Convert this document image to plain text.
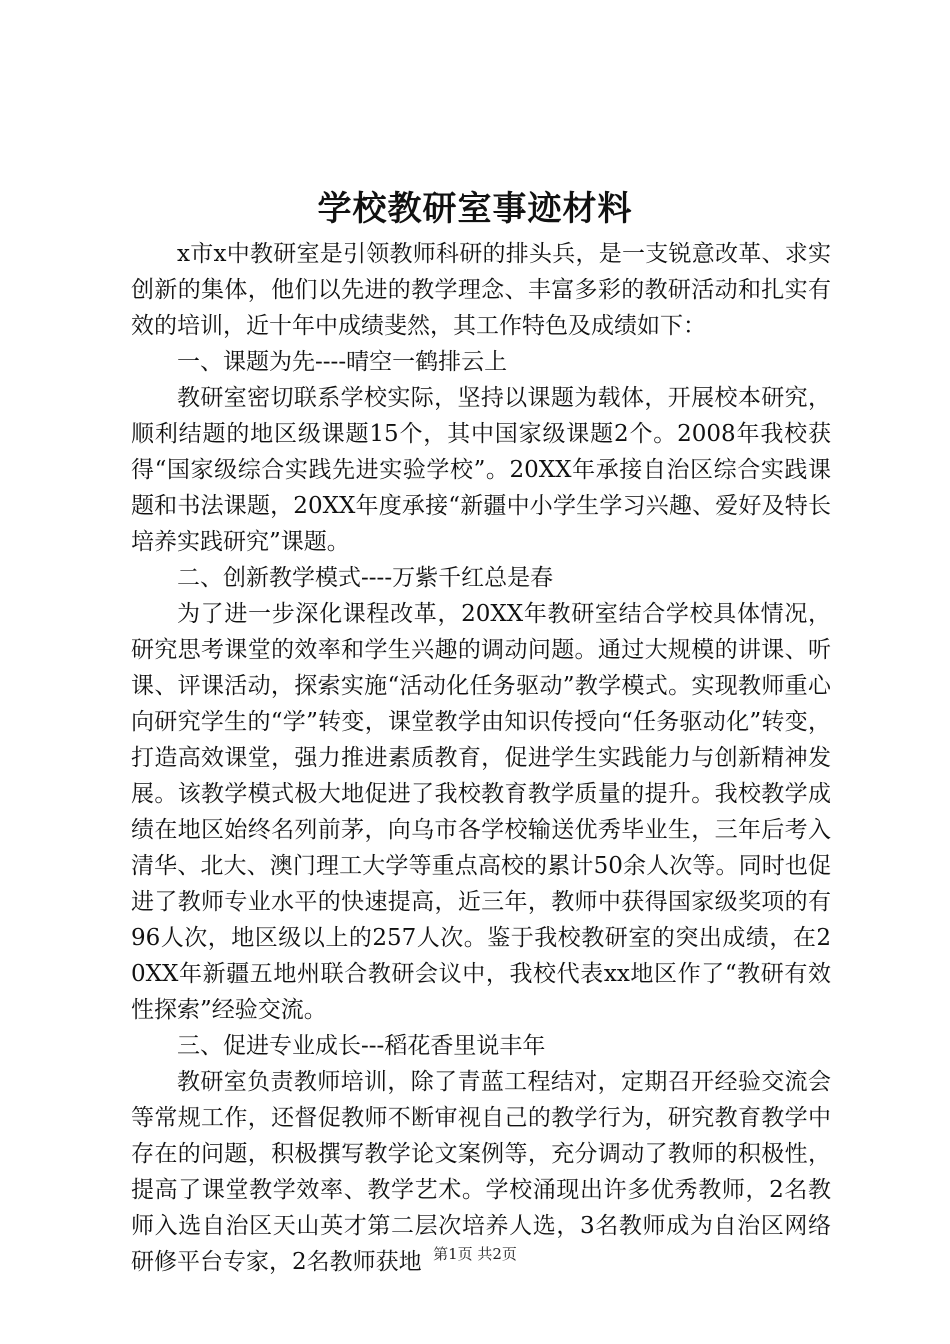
学校教研室事迹材料

x市x中教研室是引领教师科研的排头兵，是一支锐意改革、求实创新的集体，他们以先进的教学理念、丰富多彩的教研活动和扎实有效的培训，近十年中成绩斐然，其工作特色及成绩如下：

一、课题为先----晴空一鹤排云上

教研室密切联系学校实际，坚持以课题为载体，开展校本研究，顺利结题的地区级课题15个，其中国家级课题2个。2008年我校获得“国家级综合实践先进实验学校”。20XX年承接自治区综合实践课题和书法课题，20XX年度承接“新疆中小学生学习兴趣、爱好及特长培养实践研究”课题。

二、创新教学模式----万紫千红总是春

为了进一步深化课程改革，20XX年教研室结合学校具体情况，研究思考课堂的效率和学生兴趣的调动问题。通过大规模的讲课、听课、评课活动，探索实施“活动化任务驱动”教学模式。实现教师重心向研究学生的“学”转变，课堂教学由知识传授向“任务驱动化”转变，打造高效课堂，强力推进素质教育，促进学生实践能力与创新精神发展。该教学模式极大地促进了我校教育教学质量的提升。我校教学成绩在地区始终名列前茅，向乌市各学校输送优秀毕业生，三年后考入清华、北大、澳门理工大学等重点高校的累计50余人次等。同时也促进了教师专业水平的快速提高，近三年，教师中获得国家级奖项的有96人次，地区级以上的257人次。鉴于我校教研室的突出成绩，在20XX年新疆五地州联合教研会议中，我校代表xx地区作了“教研有效性探索”经验交流。

三、促进专业成长---稻花香里说丰年

教研室负责教师培训，除了青蓝工程结对，定期召开经验交流会等常规工作，还督促教师不断审视自己的教学行为，研究教育教学中存在的问题，积极撰写教学论文案例等，充分调动了教师的积极性，提高了课堂教学效率、教学艺术。学校涌现出许多优秀教师，2名教师入选自治区天山英才第二层次培养人选，3名教师成为自治区网络研修平台专家，2名教师获地 第1页 共2页
